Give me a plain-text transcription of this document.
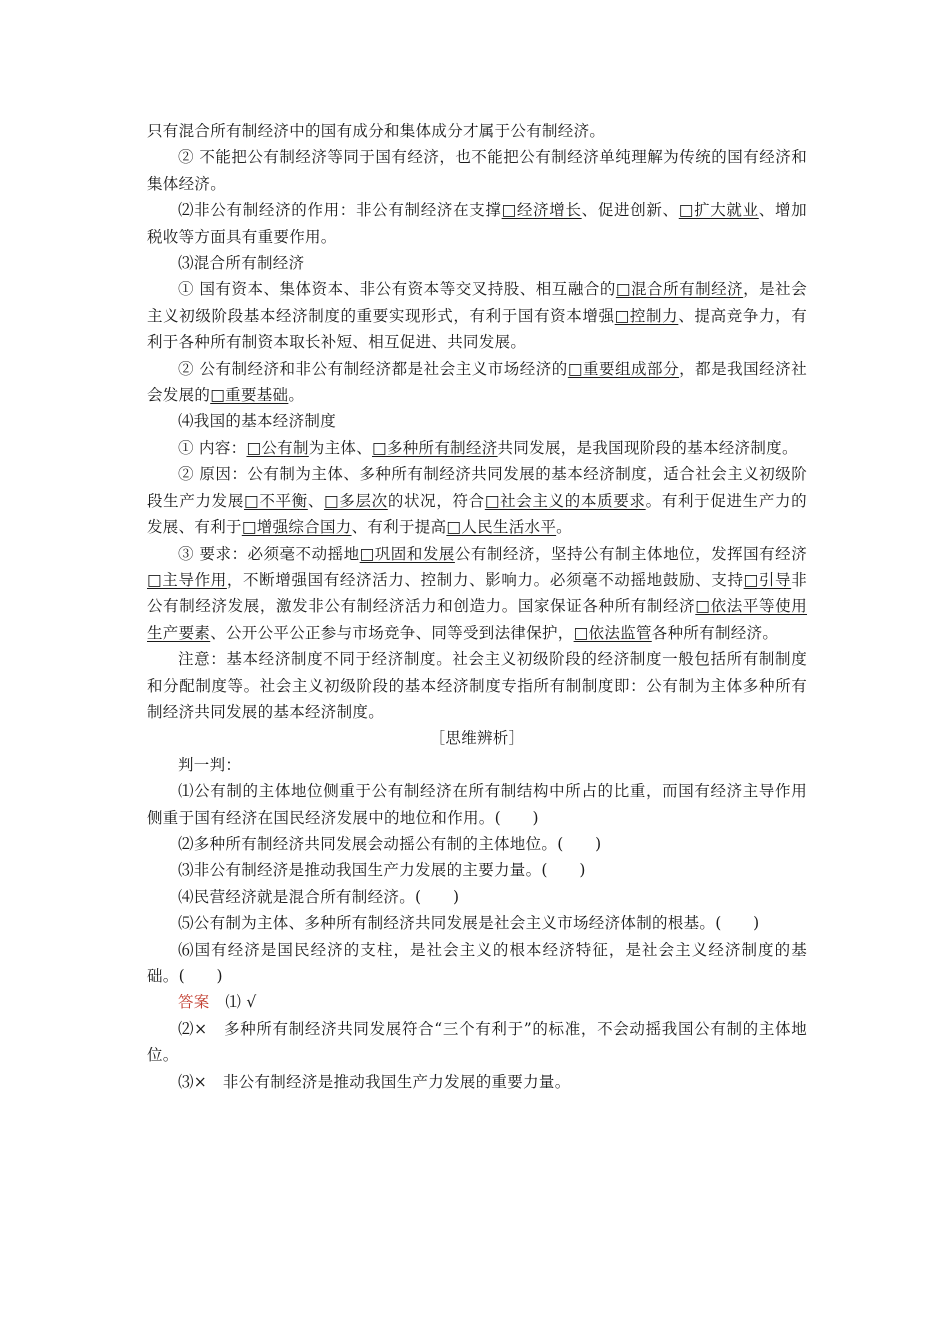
只有混合所有制经济中的国有成分和集体成分才属于公有制经济。

② 不能把公有制经济等同于国有经济，也不能把公有制经济单纯理解为传统的国有经济和集体经济。

⑵非公有制经济的作用：非公有制经济在支撑□经济增长、促进创新、□扩大就业、增加税收等方面具有重要作用。

⑶混合所有制经济

① 国有资本、集体资本、非公有资本等交叉持股、相互融合的□混合所有制经济，是社会主义初级阶段基本经济制度的重要实现形式，有利于国有资本增强□控制力、提高竞争力，有利于各种所有制资本取长补短、相互促进、共同发展。

② 公有制经济和非公有制经济都是社会主义市场经济的□重要组成部分，都是我国经济社会发展的□重要基础。

⑷我国的基本经济制度

① 内容：□公有制为主体、□多种所有制经济共同发展，是我国现阶段的基本经济制度。

② 原因：公有制为主体、多种所有制经济共同发展的基本经济制度，适合社会主义初级阶段生产力发展□不平衡、□多层次的状况，符合□社会主义的本质要求。有利于促进生产力的发展、有利于□增强综合国力、有利于提高□人民生活水平。

③ 要求：必须毫不动摇地□巩固和发展公有制经济，坚持公有制主体地位，发挥国有经济□主导作用，不断增强国有经济活力、控制力、影响力。必须毫不动摇地鼓励、支持□引导非公有制经济发展，激发非公有制经济活力和创造力。国家保证各种所有制经济□依法平等使用生产要素、公开公平公正参与市场竞争、同等受到法律保护，□依法监管各种所有制经济。

注意：基本经济制度不同于经济制度。社会主义初级阶段的经济制度一般包括所有制制度和分配制度等。社会主义初级阶段的基本经济制度专指所有制制度即：公有制为主体多种所有制经济共同发展的基本经济制度。

［思维辨析］

判一判：

⑴公有制的主体地位侧重于公有制经济在所有制结构中所占的比重，而国有经济主导作用侧重于国有经济在国民经济发展中的地位和作用。(　　)

⑵多种所有制经济共同发展会动摇公有制的主体地位。(　　)

⑶非公有制经济是推动我国生产力发展的主要力量。(　　)

⑷民营经济就是混合所有制经济。(　　)

⑸公有制为主体、多种所有制经济共同发展是社会主义市场经济体制的根基。(　　)

⑹国有经济是国民经济的支柱，是社会主义的根本经济特征，是社会主义经济制度的基础。(　　)

答案　⑴ √

⑵×　多种所有制经济共同发展符合“三个有利于”的标准，不会动摇我国公有制的主体地位。

⑶×　非公有制经济是推动我国生产力发展的重要力量。
